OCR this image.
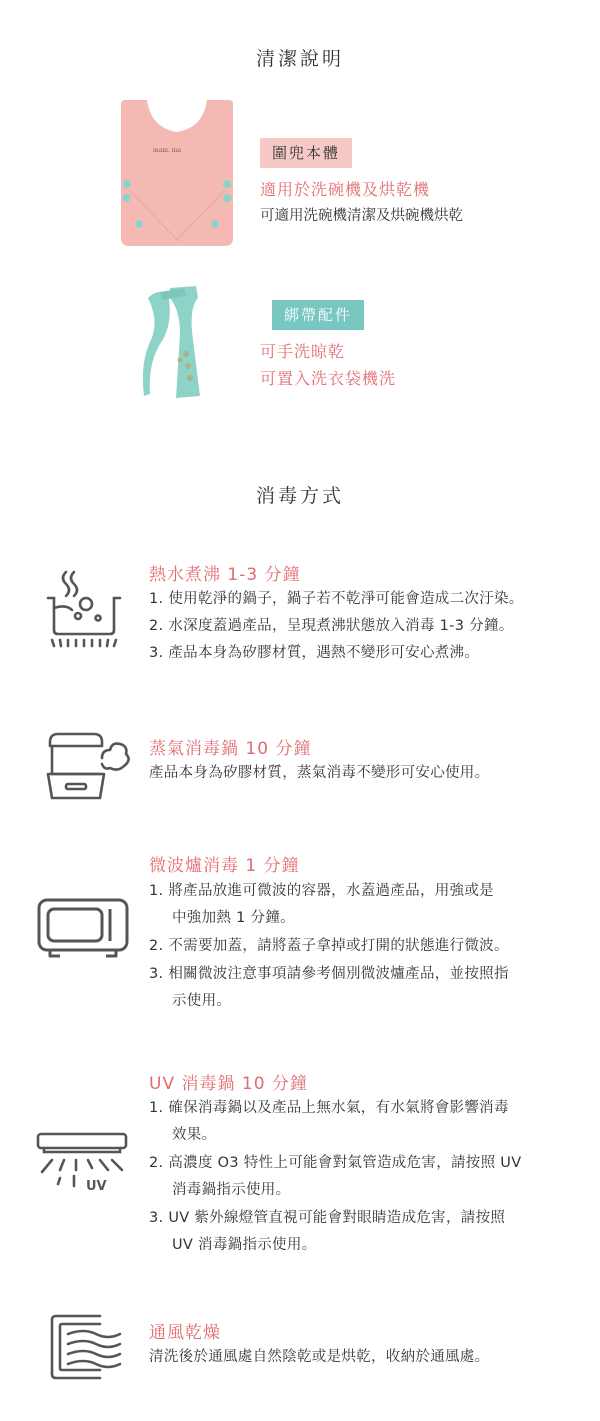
清潔說明
mam. ma	圍兜本體
適用於洗碗機及烘乾機
可適用洗碗機清潔及烘碗機烘乾
綁帶配件
可手洗晾乾
可置入洗衣袋機洗
消毒方式
熱水煮沸 1-3 分鐘
1. 使用乾淨的鍋子，鍋子若不乾淨可能會造成二次汙染。
2. 水深度蓋過產品，呈現煮沸狀態放入消毒 1-3 分鐘。
3. 產品本身為矽膠材質，遇熱不變形可安心煮沸。
蒸氣消毒鍋 10 分鐘
產品本身為矽膠材質，蒸氣消毒不變形可安心使用。
微波爐消毒 1 分鐘
1. 將產品放進可微波的容器，水蓋過產品，用強或是
中強加熱 1 分鐘。
2. 不需要加蓋，請將蓋子拿掉或打開的狀態進行微波。
3. 相關微波注意事項請參考個別微波爐產品，並按照指
示使用。
UV
UV 消毒鍋 10 分鐘
1. 確保消毒鍋以及產品上無水氣，有水氣將會影響消毒
效果。
2. 高濃度 O3 特性上可能會對氣管造成危害，請按照 UV
消毒鍋指示使用。
3. UV 紫外線燈管直視可能會對眼睛造成危害，請按照
UV 消毒鍋指示使用。
通風乾燥
清洗後於通風處自然陰乾或是烘乾，收納於通風處。
